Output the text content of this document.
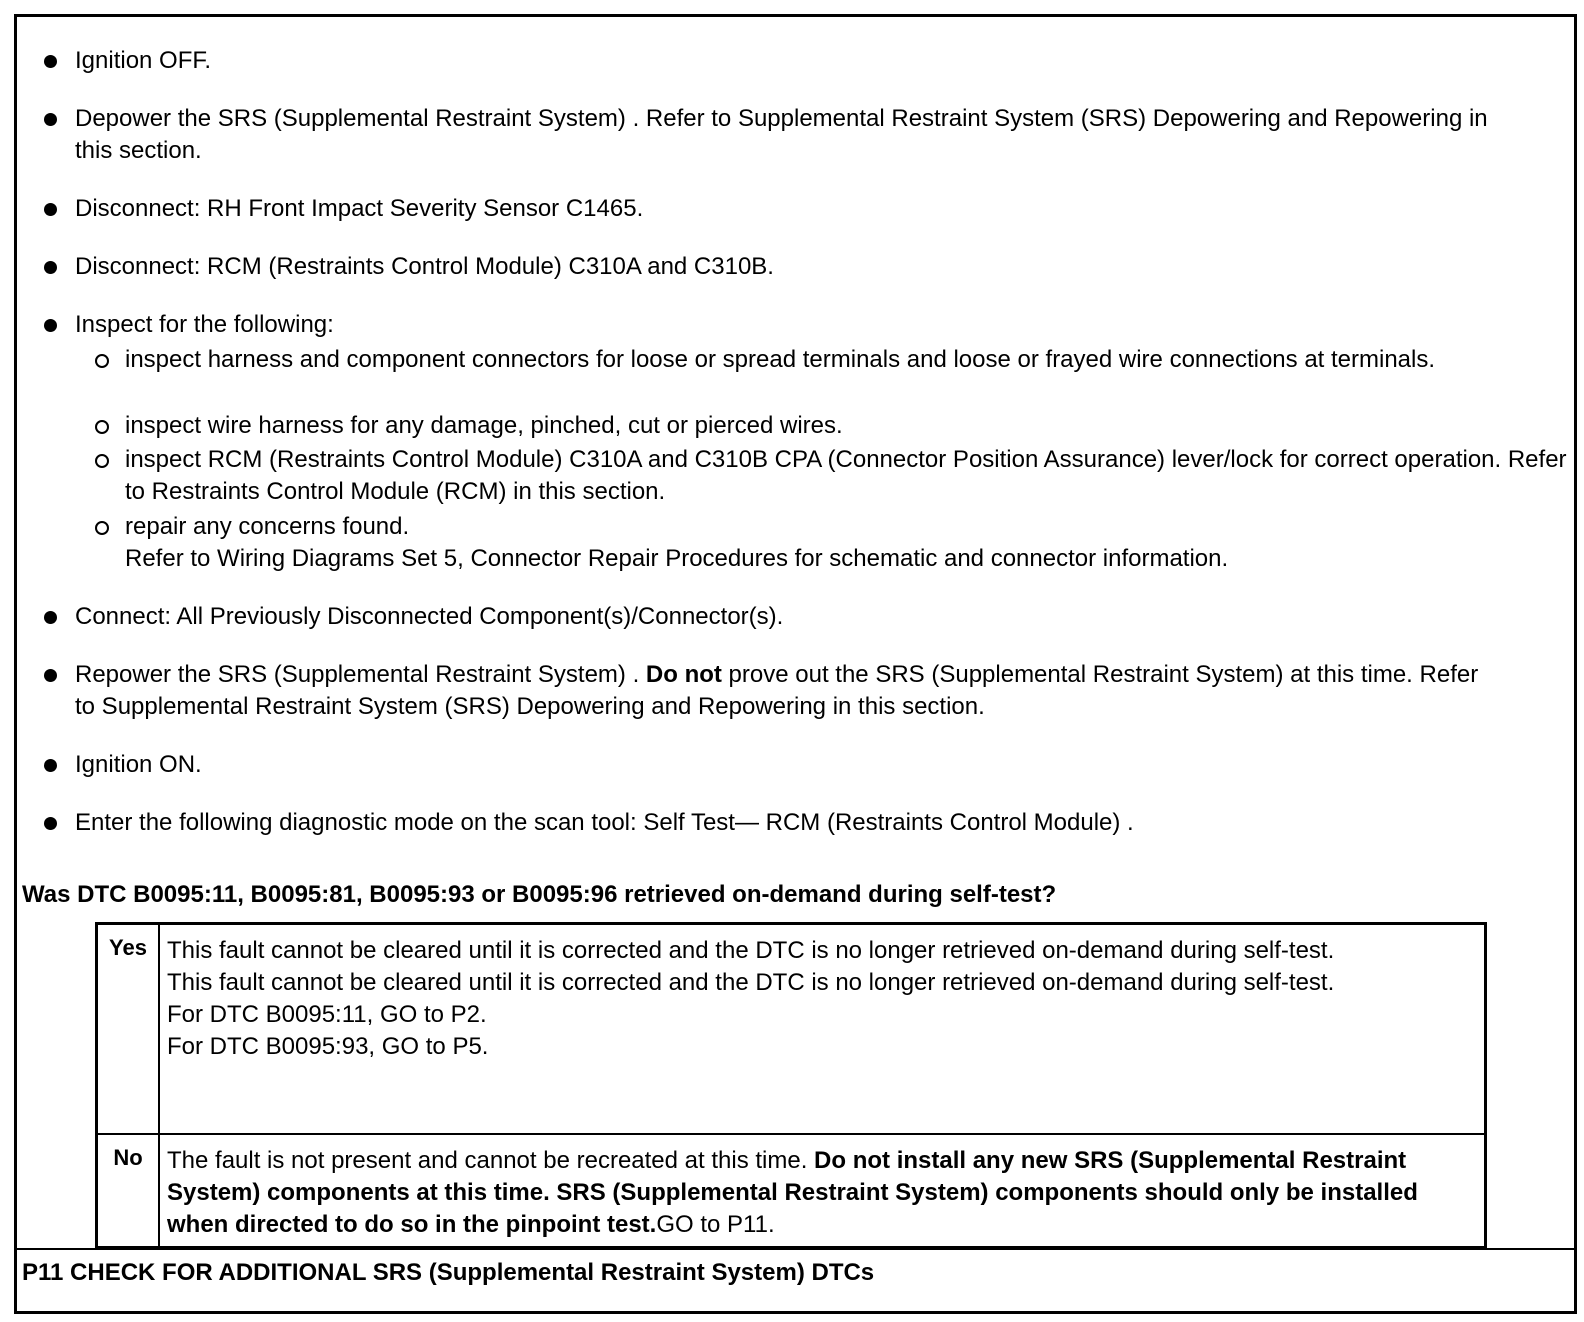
Ignition OFF.
Depower the SRS (Supplemental Restraint System) . Refer to Supplemental Restraint System (SRS) Depowering and Repowering in this section.
Disconnect: RH Front Impact Severity Sensor C1465.
Disconnect: RCM (Restraints Control Module) C310A and C310B.
Inspect for the following:
inspect harness and component connectors for loose or spread terminals and loose or frayed wire connections at terminals.
inspect wire harness for any damage, pinched, cut or pierced wires.
inspect RCM (Restraints Control Module) C310A and C310B CPA (Connector Position Assurance) lever/lock for correct operation. Refer to Restraints Control Module (RCM) in this section.
repair any concerns found.
Refer to Wiring Diagrams Set 5, Connector Repair Procedures for schematic and connector information.
Connect: All Previously Disconnected Component(s)/Connector(s).
Repower the SRS (Supplemental Restraint System) . Do not prove out the SRS (Supplemental Restraint System) at this time. Refer to Supplemental Restraint System (SRS) Depowering and Repowering in this section.
Ignition ON.
Enter the following diagnostic mode on the scan tool: Self Test— RCM (Restraints Control Module) .
Was DTC B0095:11, B0095:81, B0095:93 or B0095:96 retrieved on-demand during self-test?
Yes This fault cannot be cleared until it is corrected and the DTC is no longer retrieved on-demand during self-test.
This fault cannot be cleared until it is corrected and the DTC is no longer retrieved on-demand during self-test.
For DTC B0095:11, GO to P2.
For DTC B0095:93, GO to P5.
No	The fault is not present and cannot be recreated at this time. Do not install any new SRS (Supplemental Restraint System) components at this time. SRS (Supplemental Restraint System) components should only be installed when directed to do so in the pinpoint test.GO to P11.
P11 CHECK FOR ADDITIONAL SRS (Supplemental Restraint System) DTCs
